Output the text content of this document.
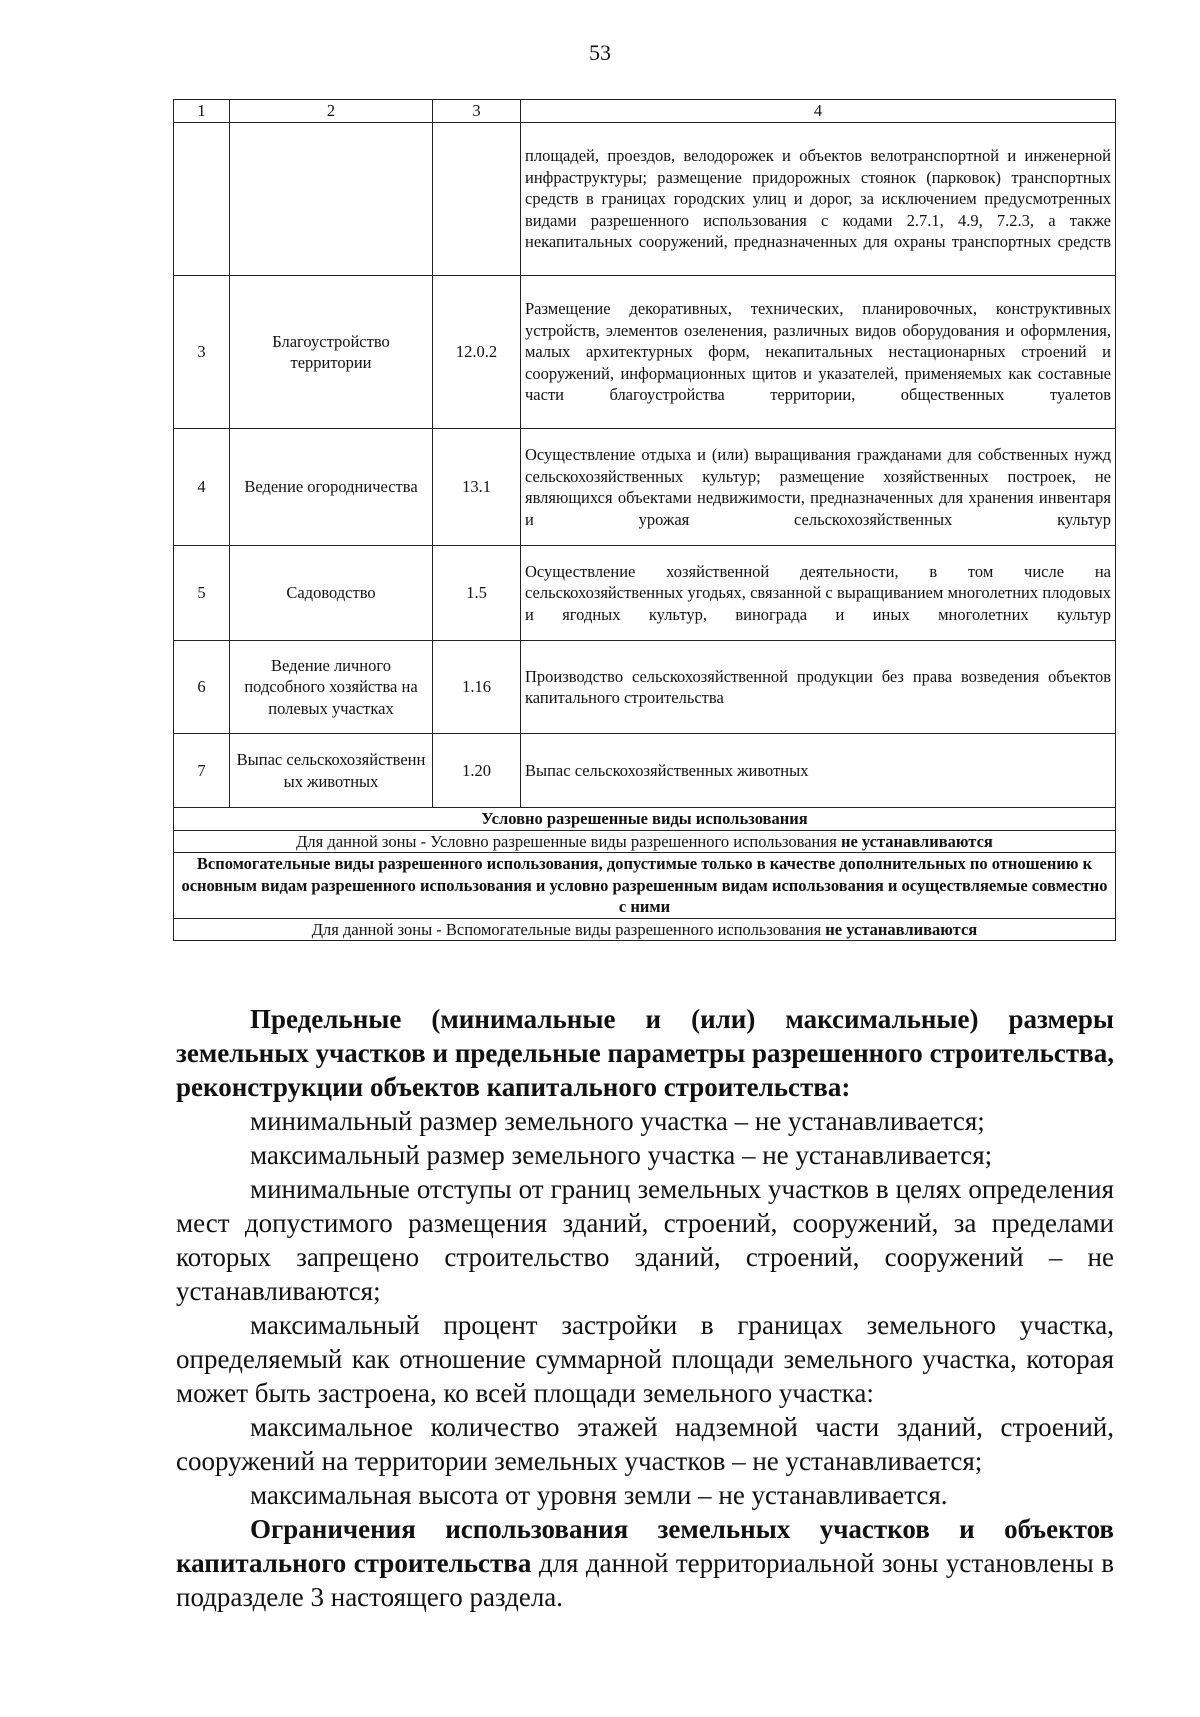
53
1	2	3	4
			площадей, проездов, велодорожек и объектов велотранспортной и инженерной инфраструктуры; размещение придорожных стоянок (парковок) транспортных средств в границах городских улиц и дорог, за исключением предусмотренных видами разрешенного использования с кодами 2.7.1, 4.9, 7.2.3, а также некапитальных сооружений, предназначенных для охраны транспортных средств
3	Благоустройство территории	12.0.2	Размещение декоративных, технических, планировочных, конструктивных устройств, элементов озеленения, различных видов оборудования и оформления, малых архитектурных форм, некапитальных нестационарных строений и сооружений, информационных щитов и указателей, применяемых как составные части благоустройства территории, общественных туалетов
4	Ведение огородничества	13.1	Осуществление отдыха и (или) выращивания гражданами для собственных нужд сельскохозяйственных культур; размещение хозяйственных построек, не являющихся объектами недвижимости, предназначенных для хранения инвентаря и урожая сельскохозяйственных культур
5	Садоводство	1.5	Осуществление хозяйственной деятельности, в том числе на сельскохозяйственных угодьях, связанной с выращиванием многолетних плодовых и ягодных культур, винограда и иных многолетних культур
6	Ведение личного подсобного хозяйства на полевых участках	1.16	Производство сельскохозяйственной продукции без права возведения объектов капитального строительства
7	Выпас сельскохозяйственн ых животных	1.20	Выпас сельскохозяйственных животных
Условно разрешенные виды использования			
Для данной зоны - Условно разрешенные виды разрешенного использования не устанавливаются			
Вспомогательные виды разрешенного использования, допустимые только в качестве дополнительных по отношению к основным видам разрешенного использования и условно разрешенным видам использования и осуществляемые совместно с ними			
Для данной зоны - Вспомогательные виды разрешенного использования не устанавливаются			

Предельные (минимальные и (или) максимальные) размеры земельных участков и предельные параметры разрешенного строительства, реконструкции объектов капитального строительства:

минимальный размер земельного участка – не устанавливается;

максимальный размер земельного участка – не устанавливается;

минимальные отступы от границ земельных участков в целях определения мест допустимого размещения зданий, строений, сооружений, за пределами которых запрещено строительство зданий, строений, сооружений – не устанавливаются;

максимальный процент застройки в границах земельного участка, определяемый как отношение суммарной площади земельного участка, которая может быть застроена, ко всей площади земельного участка:

максимальное количество этажей надземной части зданий, строений, сооружений на территории земельных участков – не устанавливается;

максимальная высота от уровня земли – не устанавливается.

Ограничения использования земельных участков и объектов капитального строительства для данной территориальной зоны установлены в подразделе 3 настоящего раздела.
